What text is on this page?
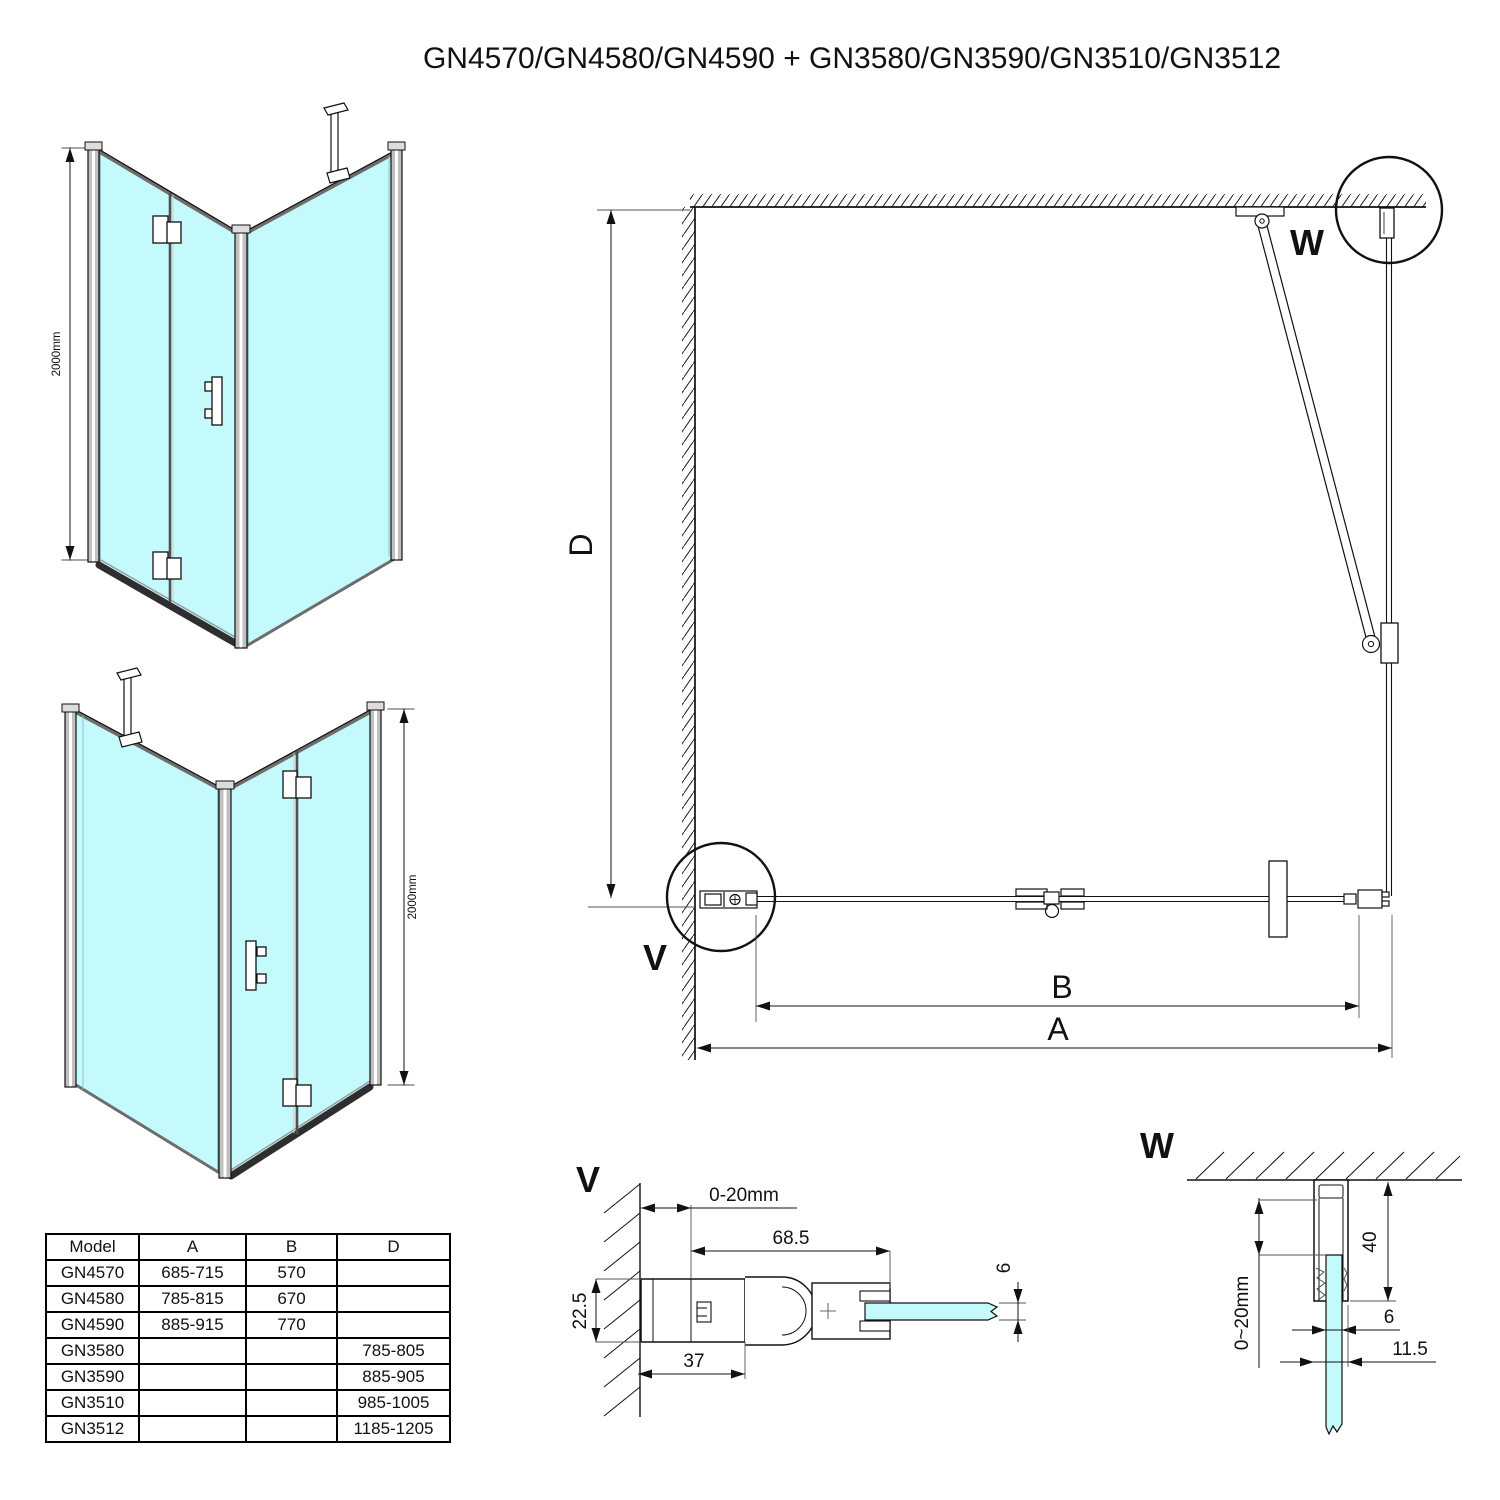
GN4570/GN4580/GN4590 + GN3580/GN3590/GN3510/GN3512
2000mm
2000mm
D
V
W
B
A
V	0-20mm
68.5
22.5
37
6
W
40
0~20mm	6
11.5
Model	A	B	D
GN4570	685-715	570	
GN4580	785-815	670	
GN4590	885-915	770	
GN3580			785-805
GN3590			885-905
GN3510			985-1005
GN3512			1185-1205
